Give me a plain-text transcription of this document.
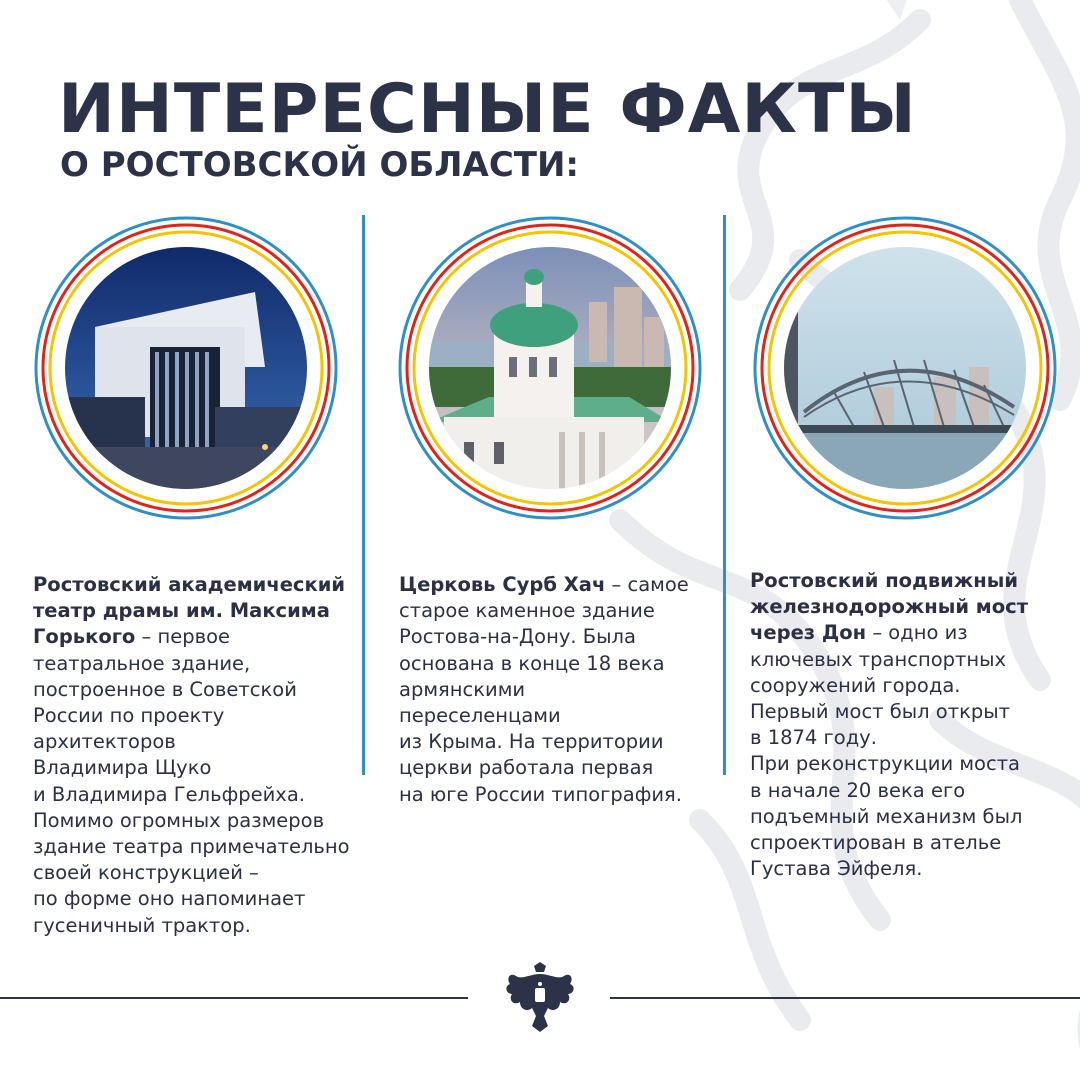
ИНТЕРЕСНЫЕ ФАКТЫ
О РОСТОВСКОЙ ОБЛАСТИ:
Ростовский академический
театр драмы им. Максима
Горького – первое
театральное здание,
построенное в Советской
России по проекту
архитекторов
Владимира Щуко
и Владимира Гельфрейха.
Помимо огромных размеров
здание театра примечательно
своей конструкцией –
по форме оно напоминает
гусеничный трактор.
Церковь Сурб Хач – самое
старое каменное здание
Ростова-на-Дону. Была
основана в конце 18 века
армянскими
переселенцами
из Крыма. На территории
церкви работала первая
на юге России типография.
Ростовский подвижный
железнодорожный мост
через Дон – одно из
ключевых транспортных
сооружений города.
Первый мост был открыт
в 1874 году.
При реконструкции моста
в начале 20 века его
подъемный механизм был
спроектирован в ателье
Густава Эйфеля.
